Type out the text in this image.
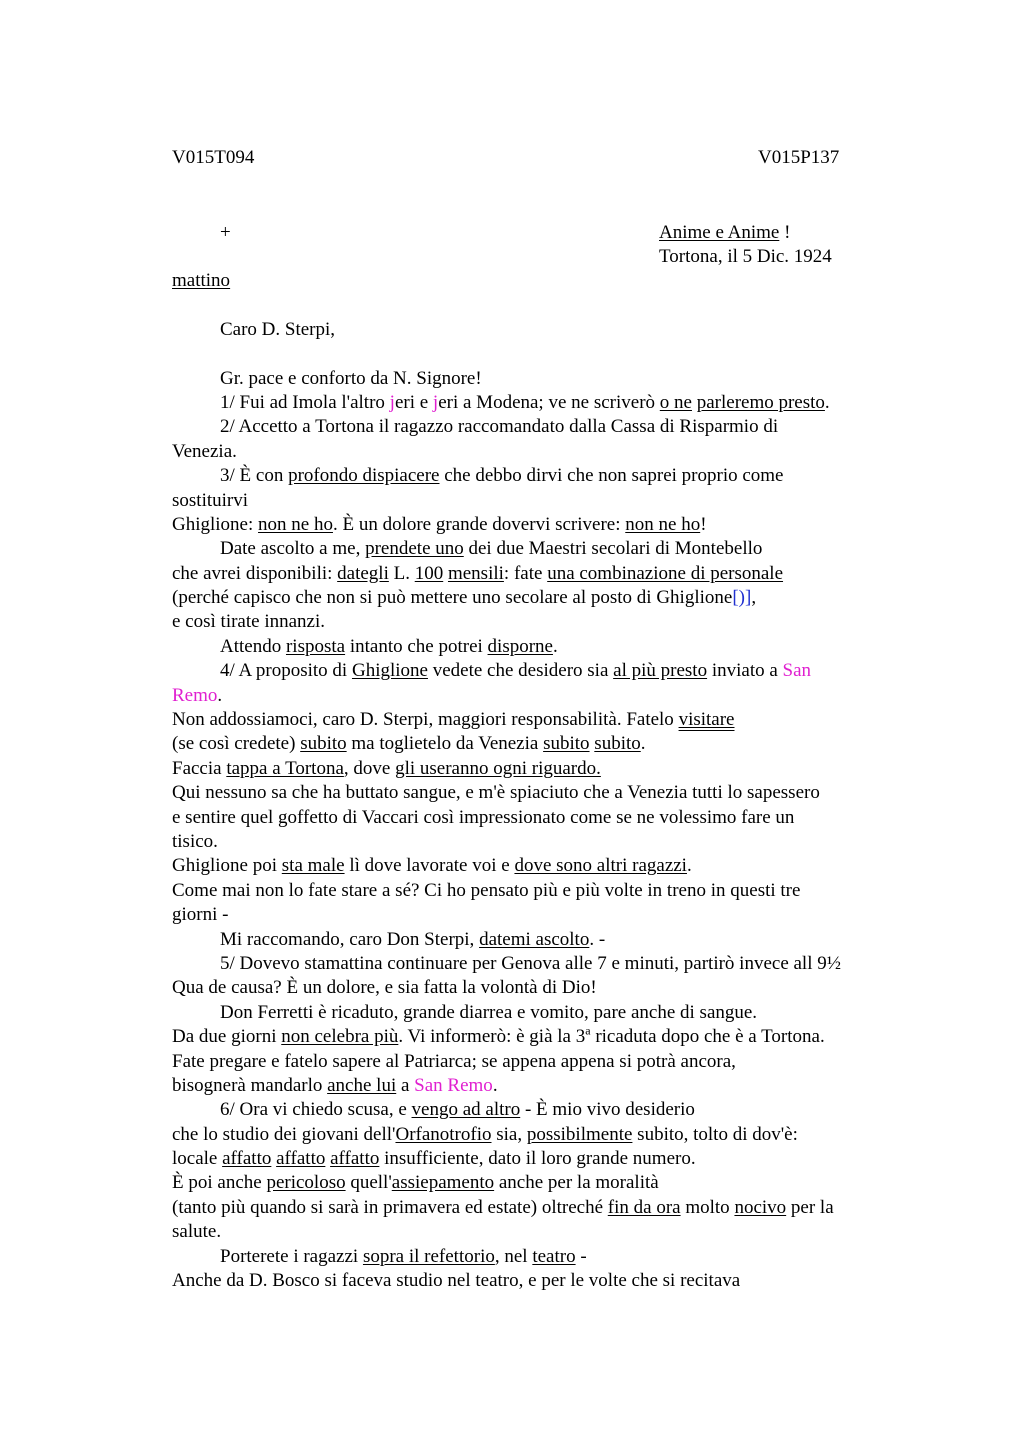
V015T094	V015P137
+	Anime e Anime !
Tortona, il 5 Dic. 1924
mattino
Caro D. Sterpi,
Gr. pace e conforto da N. Signore!
1/ Fui ad Imola l'altro jeri e jeri a Modena; ve ne scriverò o ne parleremo presto.
2/ Accetto a Tortona il ragazzo raccomandato dalla Cassa di Risparmio di
Venezia.
3/ È con profondo dispiacere che debbo dirvi che non saprei proprio come
sostituirvi
Ghiglione: non ne ho. È un dolore grande dovervi scrivere: non ne ho!
Date ascolto a me, prendete uno dei due Maestri secolari di Montebello
che avrei disponibili: dategli L. 100 mensili: fate una combinazione di personale
(perché capisco che non si può mettere uno secolare al posto di Ghiglione[)],
e così tirate innanzi.
Attendo risposta intanto che potrei disporne.
4/ A proposito di Ghiglione vedete che desidero sia al più presto inviato a San
Remo.
Non addossiamoci, caro D. Sterpi, maggiori responsabilità. Fatelo visitare
(se così credete) subito ma toglietelo da Venezia subito subito.
Faccia tappa a Tortona, dove gli useranno ogni riguardo.
Qui nessuno sa che ha buttato sangue, e m'è spiaciuto che a Venezia tutti lo sapessero
e sentire quel goffetto di Vaccari così impressionato come se ne volessimo fare un
tisico.
Ghiglione poi sta male lì dove lavorate voi e dove sono altri ragazzi.
Come mai non lo fate stare a sé? Ci ho pensato più e più volte in treno in questi tre
giorni -
Mi raccomando, caro Don Sterpi, datemi ascolto. -
5/ Dovevo stamattina continuare per Genova alle 7 e minuti, partirò invece all 9½
Qua de causa? È un dolore, e sia fatta la volontà di Dio!
Don Ferretti è ricaduto, grande diarrea e vomito, pare anche di sangue.
Da due giorni non celebra più. Vi informerò: è già la 3$^a$ ricaduta dopo che è a Tortona.
Fate pregare e fatelo sapere al Patriarca; se appena appena si potrà ancora,
bisognerà mandarlo anche lui a San Remo.
6/ Ora vi chiedo scusa, e vengo ad altro - È mio vivo desiderio
che lo studio dei giovani dell'Orfanotrofio sia, possibilmente subito, tolto di dov'è:
locale affatto affatto affatto insufficiente, dato il loro grande numero.
È poi anche pericoloso quell'assiepamento anche per la moralità
(tanto più quando si sarà in primavera ed estate) oltreché fin da ora molto nocivo per la
salute.
Porterete i ragazzi sopra il refettorio, nel teatro -
Anche da D. Bosco si faceva studio nel teatro, e per le volte che si recitava
